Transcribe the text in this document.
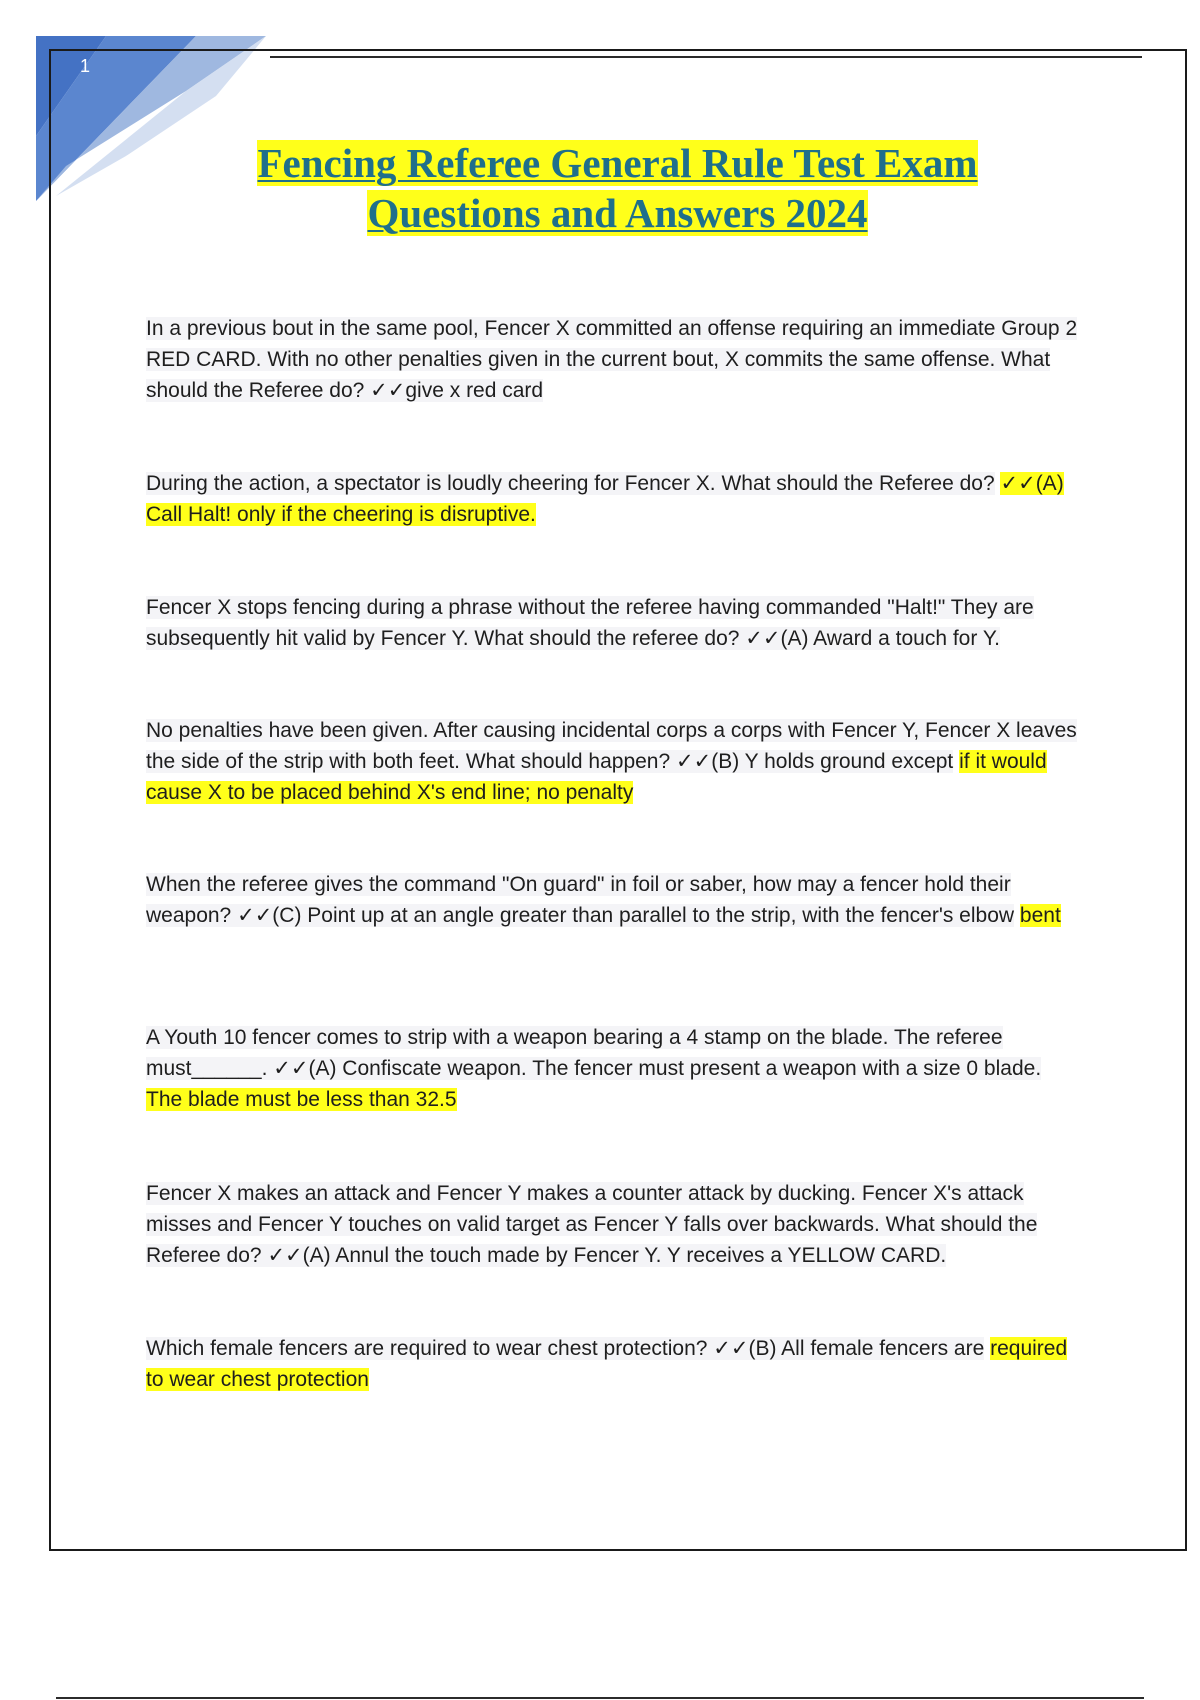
1
Fencing Referee General Rule Test Exam
Questions and Answers 2024

In a previous bout in the same pool, Fencer X committed an offense requiring an immediate Group 2 RED CARD. With no other penalties given in the current bout, X commits the same offense. What should the Referee do? ✓✓give x red card

During the action, a spectator is loudly cheering for Fencer X. What should the Referee do? ✓✓(A) Call Halt! only if the cheering is disruptive.

Fencer X stops fencing during a phrase without the referee having commanded "Halt!" They are subsequently hit valid by Fencer Y. What should the referee do? ✓✓(A) Award a touch for Y.

No penalties have been given. After causing incidental corps a corps with Fencer Y, Fencer X leaves the side of the strip with both feet. What should happen? ✓✓(B) Y holds ground except if it would cause X to be placed behind X's end line; no penalty

When the referee gives the command "On guard" in foil or saber, how may a fencer hold their weapon? ✓✓(C) Point up at an angle greater than parallel to the strip, with the fencer's elbow bent

A Youth 10 fencer comes to strip with a weapon bearing a 4 stamp on the blade. The referee must______. ✓✓(A) Confiscate weapon. The fencer must present a weapon with a size 0 blade. The blade must be less than 32.5

Fencer X makes an attack and Fencer Y makes a counter attack by ducking. Fencer X's attack misses and Fencer Y touches on valid target as Fencer Y falls over backwards. What should the Referee do? ✓✓(A) Annul the touch made by Fencer Y. Y receives a YELLOW CARD.

Which female fencers are required to wear chest protection? ✓✓(B) All female fencers are required to wear chest protection
